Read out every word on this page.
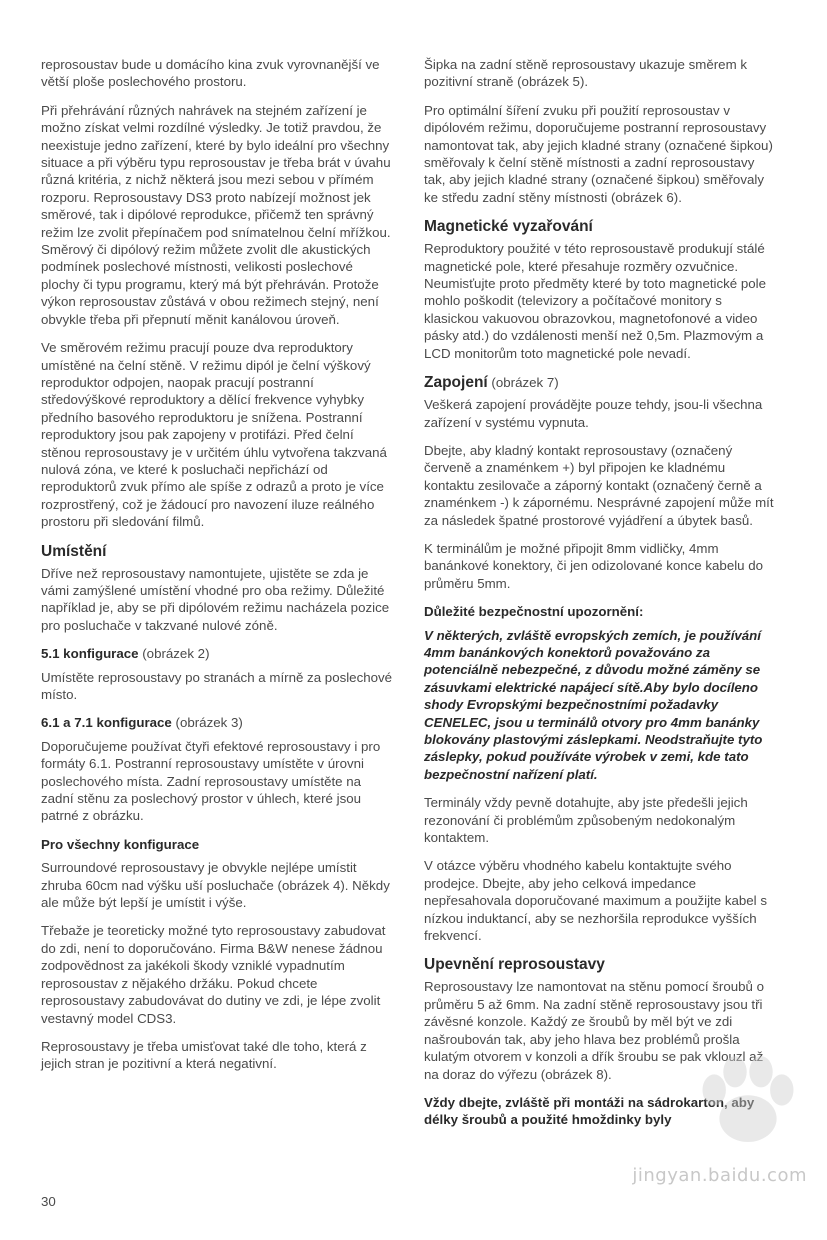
reprosoustav bude u domácího kina zvuk vyrovnanější ve větší ploše poslechového prostoru.

Při přehrávání různých nahrávek na stejném zařízení je možno získat velmi rozdílné výsledky. Je totiž pravdou, že neexistuje jedno zařízení, které by bylo ideální pro všechny situace a při výběru typu reprosoustav je třeba brát v úvahu různá kritéria, z nichž některá jsou mezi sebou v přímém rozporu. Reprosoustavy DS3 proto nabízejí možnost jek směrové, tak i dipólové reprodukce, přičemž ten správný režim lze zvolit přepínačem pod snímatelnou čelní mřížkou. Směrový či dipólový režim můžete zvolit dle akustických podmínek poslechové místnosti, velikosti poslechové plochy či typu programu, který má být přehráván. Protože výkon reprosoustav zůstává v obou režimech stejný, není obvykle třeba při přepnutí měnit kanálovou úroveň.

Ve směrovém režimu pracují pouze dva reproduktory umístěné na čelní stěně. V režimu dipól je čelní výškový reproduktor odpojen, naopak pracují postranní středovýškové reproduktory a dělící frekvence vyhybky předního basového reproduktoru je snížena. Postranní reproduktory jsou pak zapojeny v protifázi. Před čelní stěnou reprosoustavy je v určitém úhlu vytvořena takzvaná nulová zóna, ve které k posluchači nepřichází od reproduktorů zvuk přímo ale spíše z odrazů a proto je více rozprostřený, což je žádoucí pro navození iluze reálného prostoru při sledování filmů.

Umístění

Dříve než reprosoustavy namontujete, ujistěte se zda je vámi zamýšlené umístění vhodné pro oba režimy. Důležité například je, aby se při dipólovém režimu nacházela pozice pro posluchače v takzvané nulové zóně.

5.1 konfigurace (obrázek 2)

Umístěte reprosoustavy po stranách a mírně za poslechové místo.

6.1 a 7.1 konfigurace (obrázek 3)

Doporučujeme používat čtyři efektové reprosoustavy i pro formáty 6.1. Postranní reprosoustavy umístěte v úrovni poslechového místa. Zadní reprosoustavy umístěte na zadní stěnu za poslechový prostor v úhlech, které jsou patrné z obrázku.

Pro všechny konfigurace

Surroundové reprosoustavy je obvykle nejlépe umístit zhruba 60cm nad výšku uší posluchače (obrázek 4). Někdy ale může být lepší je umístit i výše.

Třebaže je teoreticky možné tyto reprosoustavy zabudovat do zdi, není to doporučováno. Firma B&W nenese žádnou zodpovědnost za jakékoli škody vzniklé vypadnutím reprosoustav z nějakého držáku. Pokud chcete reprosoustavy zabudovávat do dutiny ve zdi, je lépe zvolit vestavný model CDS3.

Reprosoustavy je třeba umisťovat také dle toho, která z jejich stran je pozitivní a která negativní.

Šipka na zadní stěně reprosoustavy ukazuje směrem k pozitivní straně (obrázek 5).

Pro optimální šíření zvuku při použití reprosoustav v dipólovém režimu, doporučujeme postranní reprosoustavy namontovat tak, aby jejich kladné strany (označené šipkou) směřovaly k čelní stěně místnosti a zadní reprosoustavy tak, aby jejich kladné strany (označené šipkou) směřovaly ke středu zadní stěny místnosti (obrázek 6).

Magnetické vyzařování

Reproduktory použité v této reprosoustavě produkují stálé magnetické pole, které přesahuje rozměry ozvučnice. Neumisťujte proto předměty které by toto magnetické pole mohlo poškodit (televizory a počítačové monitory s klasickou vakuovou obrazovkou, magnetofonové a video pásky atd.) do vzdálenosti menší než 0,5m. Plazmovým a LCD monitorům toto magnetické pole nevadí.

Zapojení (obrázek 7)

Veškerá zapojení provádějte pouze tehdy, jsou-li všechna zařízení v systému vypnuta.

Dbejte, aby kladný kontakt reprosoustavy (označený červeně a znaménkem +) byl připojen ke kladnému kontaktu zesilovače a záporný kontakt (označený černě a znaménkem -) k zápornému. Nesprávné zapojení může mít za následek špatné prostorové vyjádření a úbytek basů.

K terminálům je možné připojit 8mm vidličky, 4mm banánkové konektory, či jen odizolované konce kabelu do průměru 5mm.

Důležité bezpečnostní upozornění:

V některých, zvláště evropských zemích, je používání 4mm banánkových konektorů považováno za potenciálně nebezpečné, z důvodu možné záměny se zásuvkami elektrické napájecí sítě.Aby bylo docíleno shody Evropskými bezpečnostními požadavky CENELEC, jsou u terminálů otvory pro 4mm banánky blokovány plastovými záslepkami. Neodstraňujte tyto záslepky, pokud používáte výrobek v zemi, kde tato bezpečnostní nařízení platí.

Terminály vždy pevně dotahujte, aby jste předešli jejich rezonování či problémům způsobeným nedokonalým kontaktem.

V otázce výběru vhodného kabelu kontaktujte svého prodejce. Dbejte, aby jeho celková impedance nepřesahovala doporučované maximum a použijte kabel s nízkou induktancí, aby se nezhoršila reprodukce vyšších frekvencí.

Upevnění reprosoustavy

Reprosoustavy lze namontovat na stěnu pomocí šroubů o průměru 5 až 6mm. Na zadní stěně reprosoustavy jsou tři závěsné konzole. Každý ze šroubů by měl být ve zdi našroubován tak, aby jeho hlava bez problémů prošla kulatým otvorem v konzoli a dřík šroubu se pak vklouzl až na doraz do výřezu (obrázek 8).

Vždy dbejte, zvláště při montáži na sádrokarton, aby délky šroubů a použité hmoždinky byly

30
jingyan.baidu.com
